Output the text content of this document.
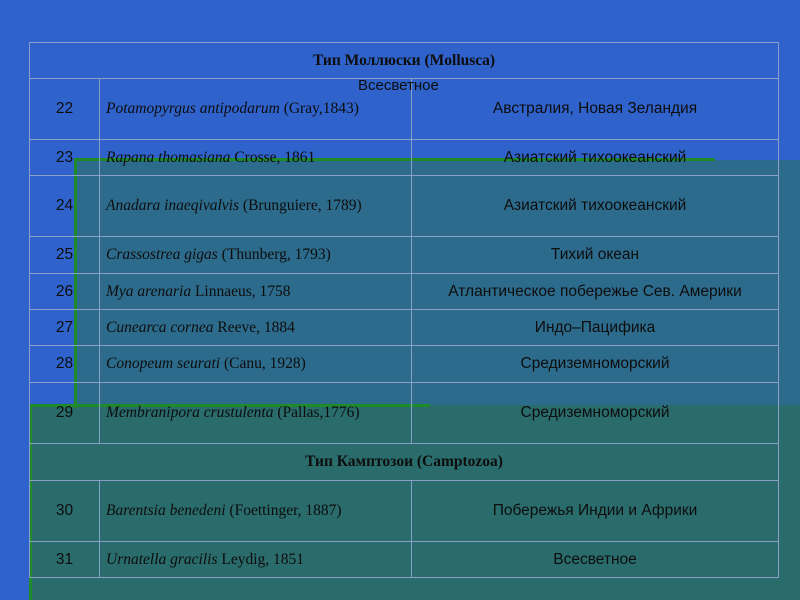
Тип Моллюски (Mollusca)		
22	Potamopyrgus antipodarum (Gray,1843)	Австралия, Новая Зеландия
23	Rapana thomasiana Crosse, 1861	Азиатский тихоокеанский
24	Anadara inaeqivalvis (Brunguiere, 1789)	Азиатский тихоокеанский
25	Crassostrea gigas (Thunberg, 1793)	Тихий океан
26	Mya arenaria Linnaeus, 1758	Атлантическое побережье Сев. Америки
27	Cunearca cornea Reeve, 1884	Индо–Пацифика
28	Conopeum seurati (Canu, 1928)	Средиземноморский
29	Membranipora crustulenta (Pallas,1776)	Средиземноморский
Тип Камптозои (Camptozoa)		
30	Barentsia benedeni (Foettinger, 1887)	Побережья Индии и Африки
31	Urnatella gracilis Leydig, 1851	Всесветное
Всесветное
